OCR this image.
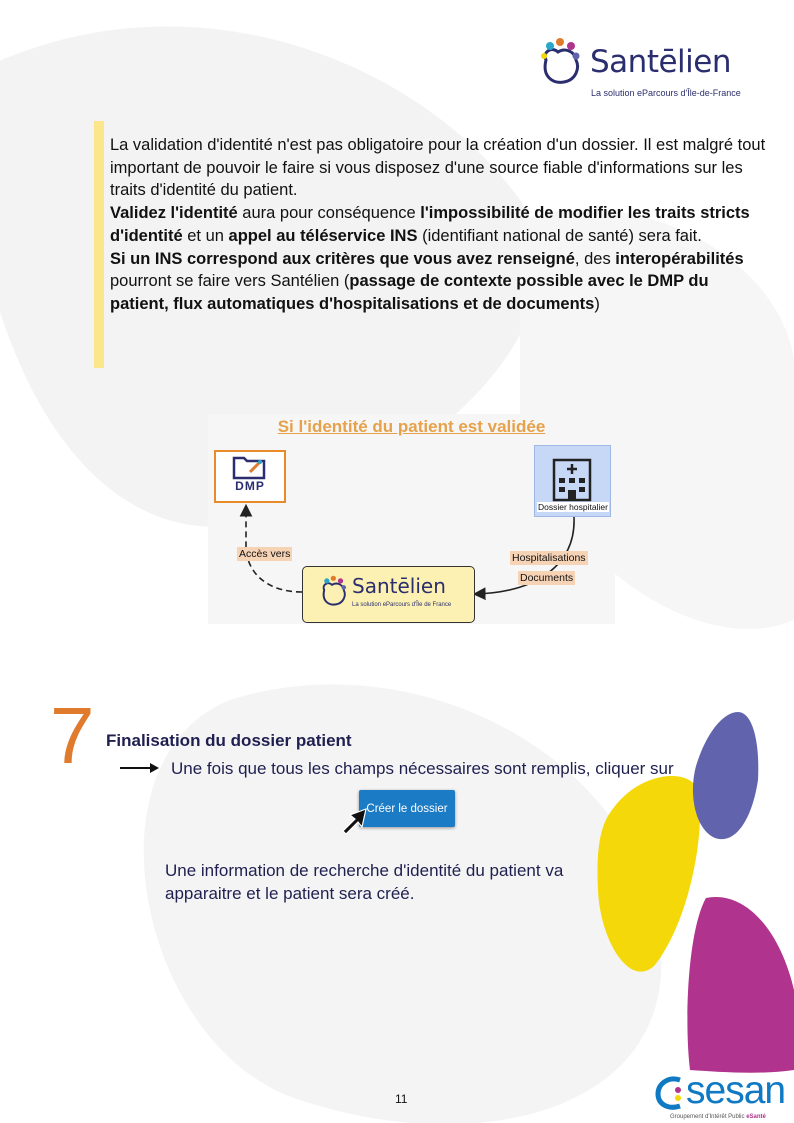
Santēlien
La solution eParcours d'Île-de-France

La validation d'identité n'est pas obligatoire pour la création d'un dossier. Il est malgré tout important de pouvoir le faire si vous disposez d'une source fiable d'informations sur les traits d'identité du patient.

Validez l'identité aura pour conséquence l'impossibilité de modifier les traits stricts d'identité et un appel au téléservice INS (identifiant national de santé) sera fait.

Si un INS correspond aux critères que vous avez renseigné, des interopérabilités pourront se faire vers Santélien (passage de contexte possible avec le DMP du patient, flux automatiques d'hospitalisations et de documents)

Si l'identité du patient est validée
DMP
Dossier hospitalier
Santēlien
La solution eParcours d'Île de France
Accès vers	Hospitalisations
Documents
7 Finalisation du dossier patient
Une fois que tous les champs nécessaires sont remplis, cliquer sur
Créer le dossier
Une information de recherche d'identité du patient va apparaitre et le patient sera créé.
11	sesan
Groupement d'Intérêt Public eSanté
